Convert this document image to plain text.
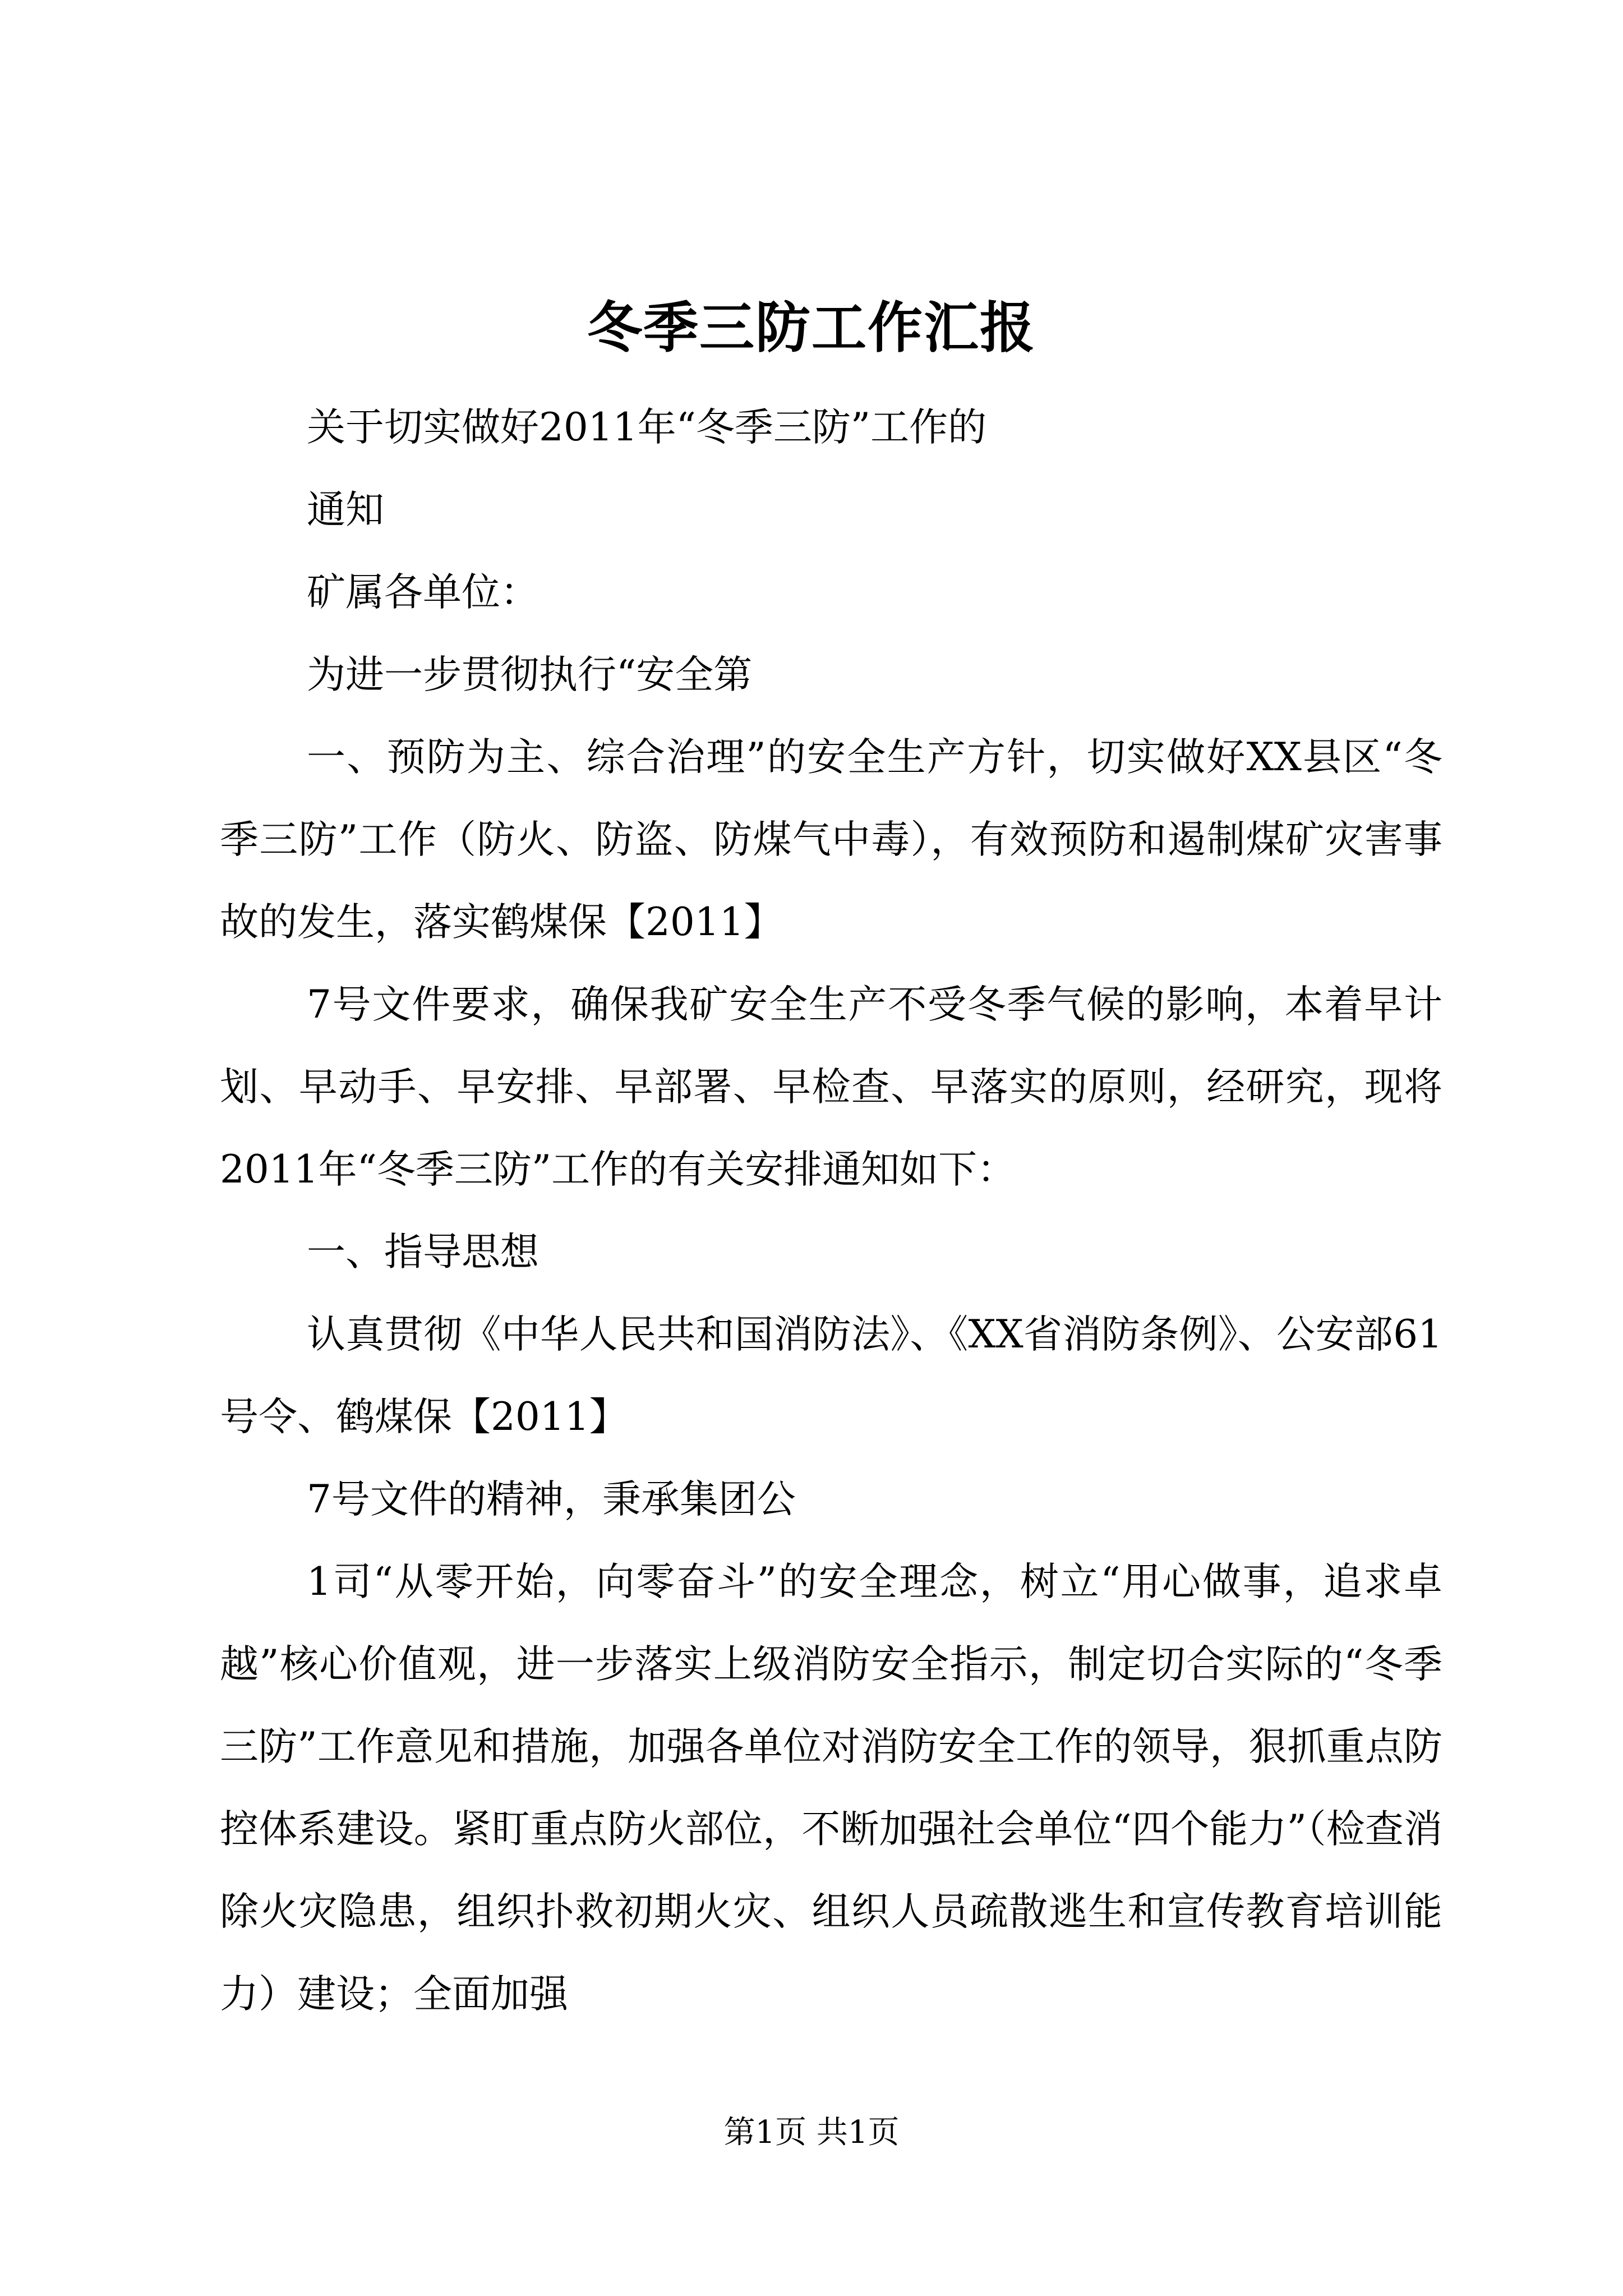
冬季三防工作汇报

关于切实做好2011年“冬季三防”工作的

通知

矿属各单位：

为进一步贯彻执行“安全第

一、预防为主、综合治理”的安全生产方针，切实做好XX县区“冬季三防”工作（防火、防盗、防煤气中毒），有效预防和遏制煤矿灾害事故的发生，落实鹤煤保【2011】

7号文件要求，确保我矿安全生产不受冬季气候的影响，本着早计划、早动手、早安排、早部署、早检查、早落实的原则，经研究，现将2011年“冬季三防”工作的有关安排通知如下：

一、指导思想

认真贯彻《中华人民共和国消防法》、《XX省消防条例》、公安部61号令、鹤煤保【2011】

7号文件的精神，秉承集团公

1司“从零开始，向零奋斗”的安全理念，树立“用心做事，追求卓越”核心价值观，进一步落实上级消防安全指示，制定切合实际的“冬季三防”工作意见和措施，加强各单位对消防安全工作的领导，狠抓重点防控体系建设。紧盯重点防火部位，不断加强社会单位“四个能力”（检查消除火灾隐患，组织扑救初期火灾、组织人员疏散逃生和宣传教育培训能力）建设；全面加强

第1页 共1页
